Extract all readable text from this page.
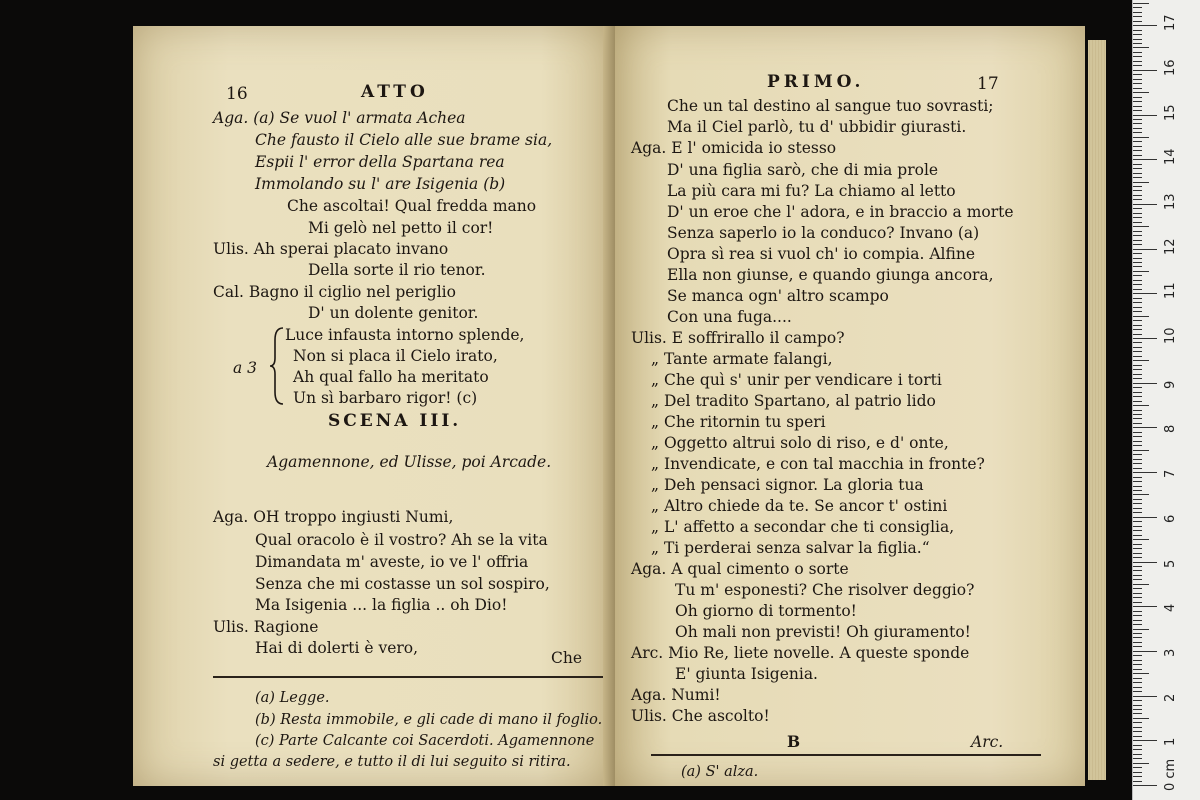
16	ATTO
Aga. (a) Se vuol l' armata Achea
Che fausto il Cielo alle sue brame sia,
Espii l' error della Spartana rea
Immolando su l' are Isigenia (b)
Che ascoltai! Qual fredda mano
Mi gelò nel petto il cor!
Ulis. Ah sperai placato invano
Della sorte il rio tenor.
Cal. Bagno il ciglio nel periglio
D' un dolente genitor.
Luce infausta intorno splende,
Non si placa il Cielo irato,
Ah qual fallo ha meritato
Un sì barbaro rigor! (c)
a 3
SCENA III.
Agamennone, ed Ulisse, poi Arcade.
Aga. OH troppo ingiusti Numi,
Qual oracolo è il vostro? Ah se la vita
Dimandata m' aveste, io ve l' offria
Senza che mi costasse un sol sospiro,
Ma Isigenia ... la figlia .. oh Dio!
Ulis. Ragione
Hai di dolerti è vero,
Che
(a) Legge.
(b) Resta immobile, e gli cade di mano il foglio.
(c) Parte Calcante coi Sacerdoti. Agamennone
si getta a sedere, e tutto il di lui seguito si ritira.
PRIMO.	17
Che un tal destino al sangue tuo sovrasti;
Ma il Ciel parlò, tu d' ubbidir giurasti.
Aga. E l' omicida io stesso
D' una figlia sarò, che di mia prole
La più cara mi fu? La chiamo al letto
D' un eroe che l' adora, e in braccio a morte
Senza saperlo io la conduco? Invano (a)
Opra sì rea si vuol ch' io compia. Alfine
Ella non giunse, e quando giunga ancora,
Se manca ogn' altro scampo
Con una fuga....
Ulis. E soffrirallo il campo?
„ Tante armate falangi,
„ Che quì s' unir per vendicare i torti
„ Del tradito Spartano, al patrio lido
„ Che ritornin tu speri
„ Oggetto altrui solo di riso, e d' onte,
„ Invendicate, e con tal macchia in fronte?
„ Deh pensaci signor. La gloria tua
„ Altro chiede da te. Se ancor t' ostini
„ L' affetto a secondar che ti consiglia,
„ Ti perderai senza salvar la figlia.“
Aga. A qual cimento o sorte
Tu m' esponesti? Che risolver deggio?
Oh giorno di tormento!
Oh mali non previsti! Oh giuramento!
Arc. Mio Re, liete novelle. A queste sponde
E' giunta Isigenia.
Aga. Numi!
Ulis. Che ascolto!
B	Arc.
(a) S' alza.	0 cm
1
2
3
4
5
6
7
8
9
10
11
12
13
14
15
16
17
